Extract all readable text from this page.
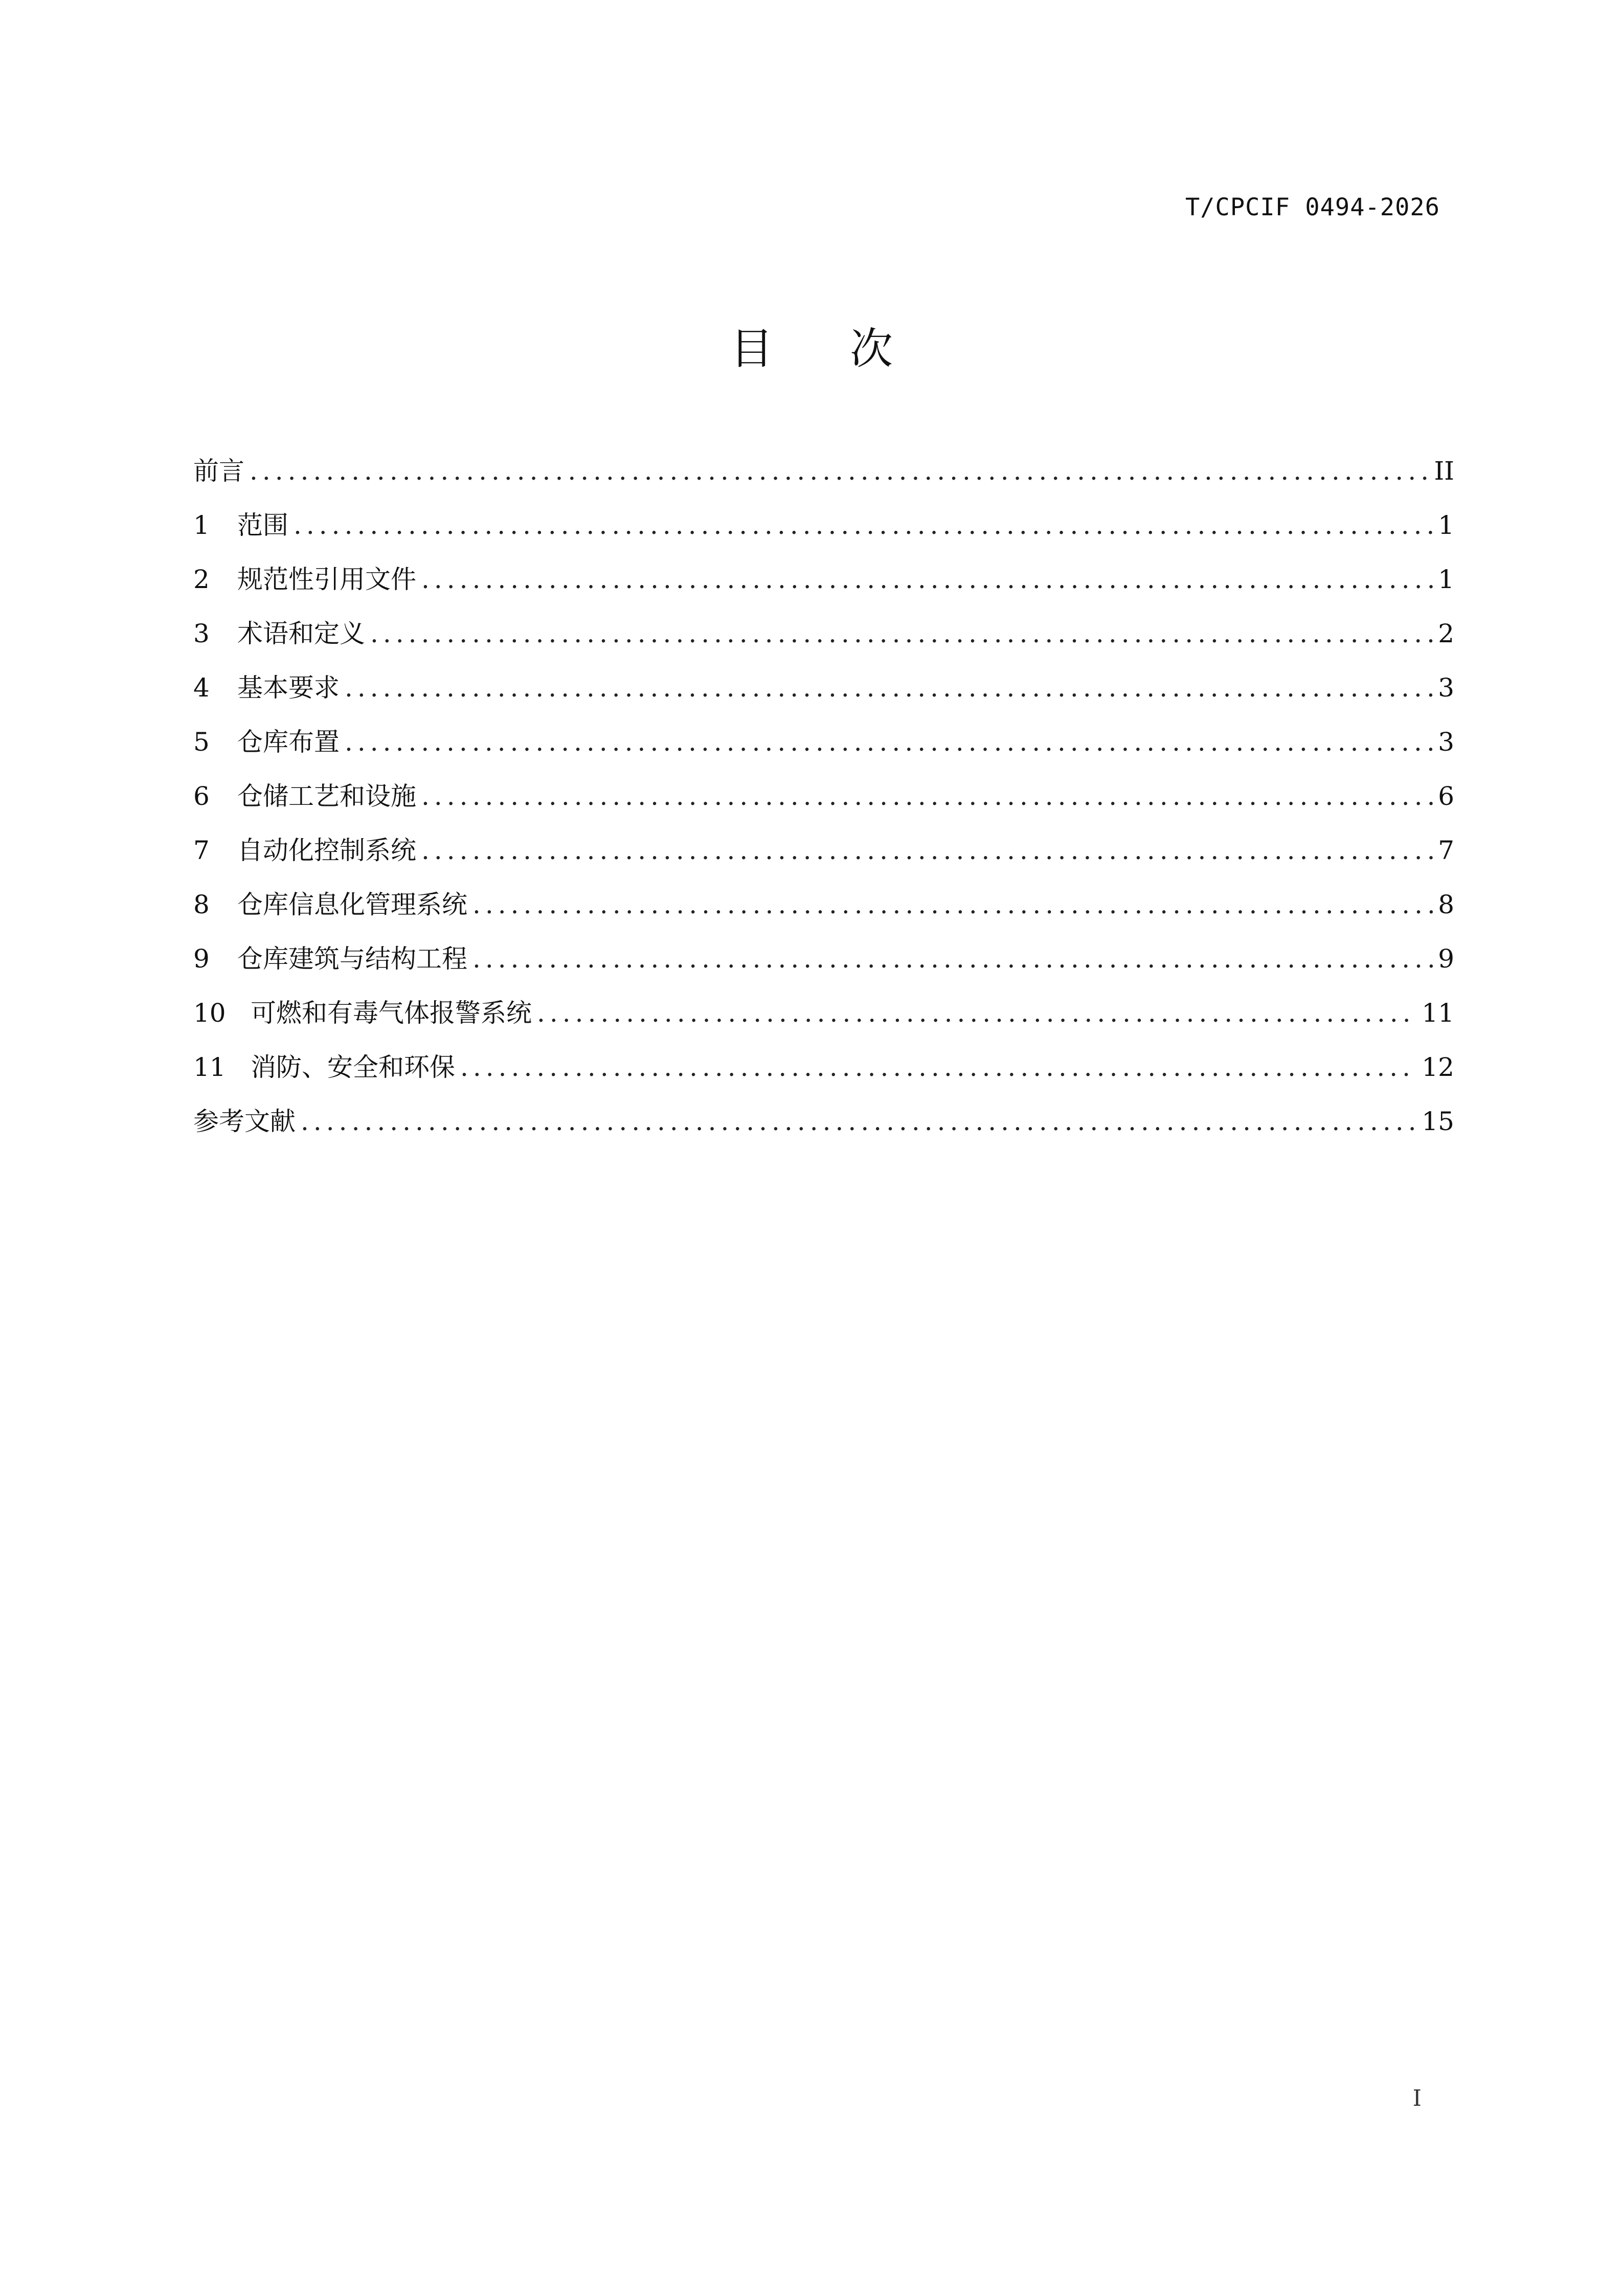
T/CPCIF 0494-2026
目 次
前言 .....	II
1	范围 .....	1
2	规范性引用文件 .....	1
3	术语和定义 .....	2
4	基本要求 .....	3
5	仓库布置 .....	3
6	仓储工艺和设施 .....	6
7	自动化控制系统 .....	7
8	仓库信息化管理系统 .....	8
9	仓库建筑与结构工程 .....	9
10 可燃和有毒气体报警系统 .....	11
11 消防、安全和环保 .....	12
参考文献 .....	15
I
